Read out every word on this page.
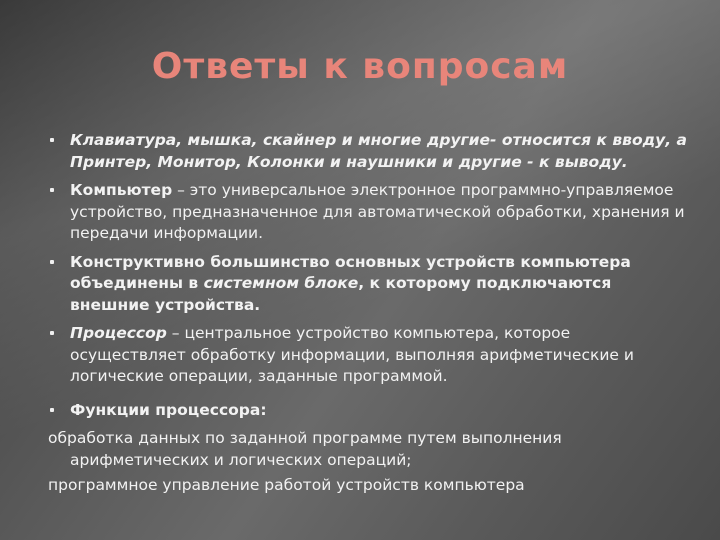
Ответы к вопросам
Клавиатура, мышка, скайнер и многие другие- относится к вводу, а Принтер, Монитор, Колонки и наушники и другие - к выводу.
Компьютер – это универсальное электронное программно-управляемое устройство, предназначенное для автоматической обработки, хранения и передачи информации.
Конструктивно большинство основных устройств компьютера объединены в системном блоке, к которому подключаются внешние устройства.
Процессор – центральное устройство компьютера, которое осуществляет обработку информации, выполняя арифметические и логические операции, заданные программой.
Функции процессора:
обработка данных по заданной программе путем выполнения арифметических и логических операций;
программное управление работой устройств компьютера
